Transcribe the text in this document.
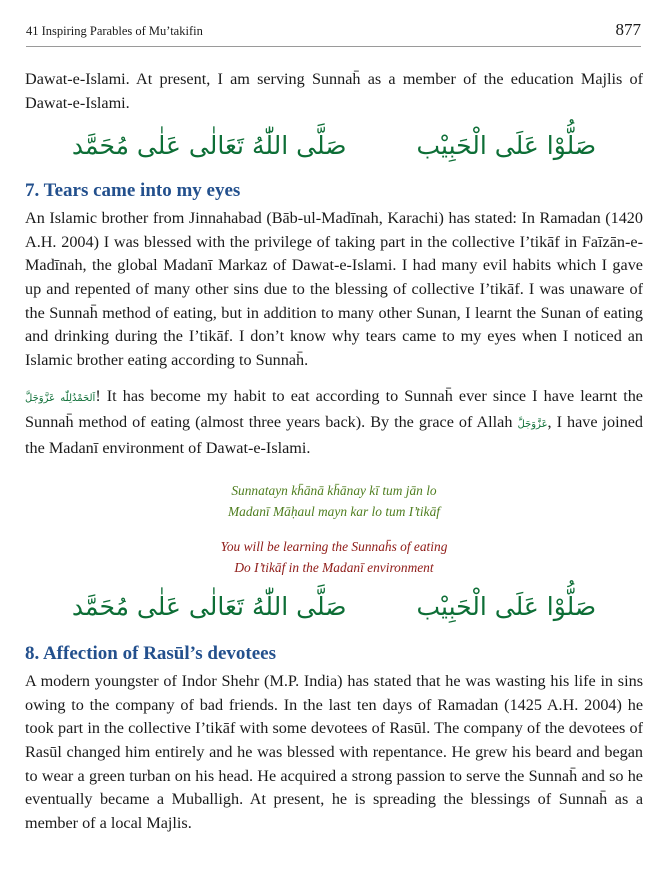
41 Inspiring Parables of Mu’takifin	877

Dawat-e-Islami. At present, I am serving Sunnah̄ as a member of the education Majlis of Dawat-e-Islami.

صَلُّوْا عَلَى الْحَبِيْب
صَلَّى اللّٰهُ تَعَالٰى عَلٰى مُحَمَّد
7. Tears came into my eyes

An Islamic brother from Jinnahabad (Bāb-ul-Madīnah, Karachi) has stated: In Ramadan (1420 A.H. 2004) I was blessed with the privilege of taking part in the collective I’tikāf in Faīzān-e-Madīnah, the global Madanī Markaz of Dawat-e-Islami. I had many evil habits which I gave up and repented of many other sins due to the blessing of collective I’tikāf. I was unaware of the Sunnah̄ method of eating, but in addition to many other Sunan, I learnt the Sunan of eating and drinking during the I’tikāf. I don’t know why tears came to my eyes when I noticed an Islamic brother eating according to Sunnah̄.

اَلحَمْدُلِلّٰه عَزَّوَجَلَّ! It has become my habit to eat according to Sunnah̄ ever since I have learnt the Sunnah̄ method of eating (almost three years back). By the grace of Allah عَزَّوَجَلَّ, I have joined the Madanī environment of Dawat-e-Islami.

Sunnatayn kh̄ānā kh̄ānay kī tum jān lo
Madanī Māḥaul mayn kar lo tum I’tikāf
You will be learning the Sunnah̄s of eating
Do I’tikāf in the Madanī environment
صَلُّوْا عَلَى الْحَبِيْب
صَلَّى اللّٰهُ تَعَالٰى عَلٰى مُحَمَّد
8. Affection of Rasūl’s devotees

A modern youngster of Indor Shehr (M.P. India) has stated that he was wasting his life in sins owing to the company of bad friends. In the last ten days of Ramadan (1425 A.H. 2004) he took part in the collective I’tikāf with some devotees of Rasūl. The company of the devotees of Rasūl changed him entirely and he was blessed with repentance. He grew his beard and began to wear a green turban on his head. He acquired a strong passion to serve the Sunnah̄ and so he eventually became a Muballigh. At present, he is spreading the blessings of Sunnah̄ as a member of a local Majlis.
